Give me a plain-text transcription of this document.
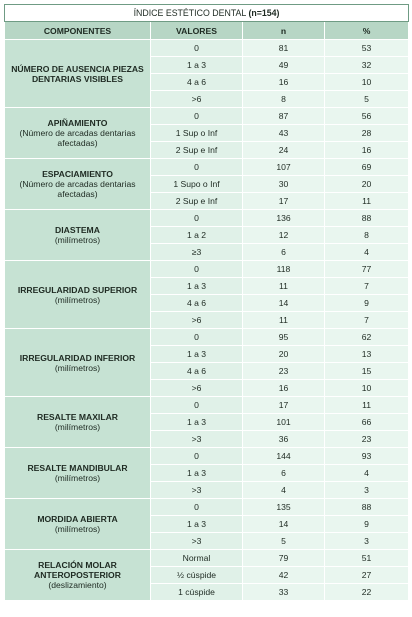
ÍNDICE ESTÉTICO DENTAL (n=154)			
COMPONENTES	VALORES	n	%

NÚMERO DE AUSENCIA PIEZAS DENTARIAS VISIBLES	0	81	53
	1 a 3	49	32
	4 a 6	16	10
	>6	8	5

APIÑAMIENTO
(Número de arcadas dentarias afectadas)	0	87	56
	1 Sup o Inf	43	28
	2 Sup e Inf	24	16

ESPACIAMIENTO
(Número de arcadas dentarias afectadas)	0	107	69
	1 Supo o Inf	30	20
	2 Sup e Inf	17	11

DIASTEMA
(milímetros)	0	136	88
	1 a 2	12	8
	≥3	6	4

IRREGULARIDAD SUPERIOR
(milímetros)	0	118	77
	1 a 3	11	7
	4 a 6	14	9
	>6	11	7

IRREGULARIDAD INFERIOR
(milímetros)	0	95	62
	1 a 3	20	13
	4 a 6	23	15
	>6	16	10

RESALTE MAXILAR
(milímetros)	0	17	11
	1 a 3	101	66
	>3	36	23

RESALTE MANDIBULAR
(milímetros)	0	144	93
	1 a 3	6	4
	>3	4	3

MORDIDA ABIERTA
(milímetros)	0	135	88
	1 a 3	14	9
	>3	5	3

RELACIÓN MOLAR ANTEROPOSTERIOR
(deslizamiento)	Normal	79	51
	½ cúspide	42	27
	1 cúspide	33	22
